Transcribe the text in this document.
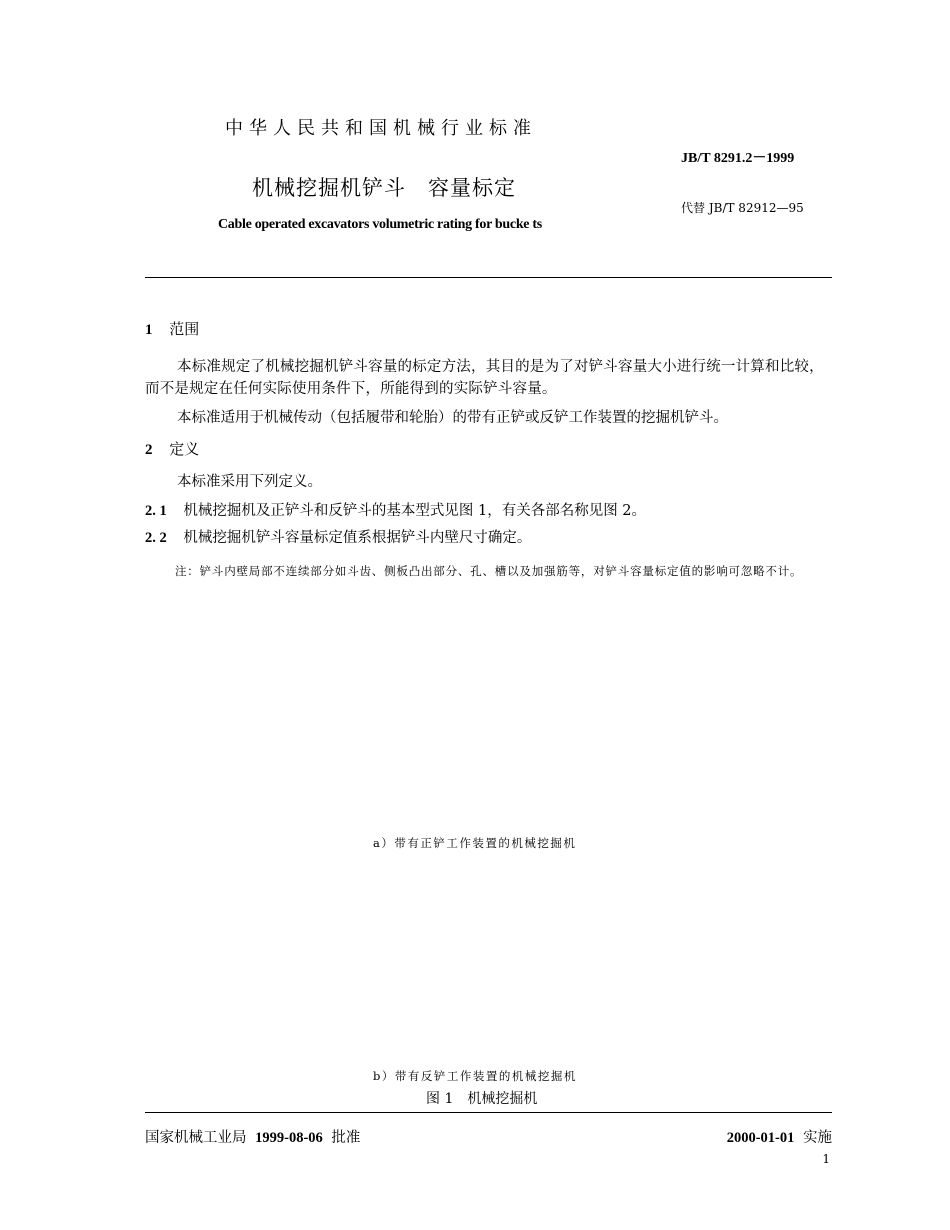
中华人民共和国机械行业标准
JB/T 8291.2－1999
机械挖掘机铲斗　容量标定
代替 JB/T 82912—95
Cable operated excavators volumetric rating for bucke ts
1 范围
本标准规定了机械挖掘机铲斗容量的标定方法，其目的是为了对铲斗容量大小进行统一计算和比较，而不是规定在任何实际使用条件下，所能得到的实际铲斗容量。
本标准适用于机械传动（包括履带和轮胎）的带有正铲或反铲工作装置的挖掘机铲斗。
2 定义
本标准采用下列定义。
2. 1 机械挖掘机及正铲斗和反铲斗的基本型式见图 1，有关各部名称见图 2。
2. 2 机械挖掘机铲斗容量标定值系根据铲斗内壁尺寸确定。
注：铲斗内壁局部不连续部分如斗齿、侧板凸出部分、孔、槽以及加强筋等，对铲斗容量标定值的影响可忽略不计。
a）带有正铲工作装置的机械挖掘机
b）带有反铲工作装置的机械挖掘机
图 1　机械挖掘机
国家机械工业局 1999-08-06 批准	2000-01-01 实施
1
